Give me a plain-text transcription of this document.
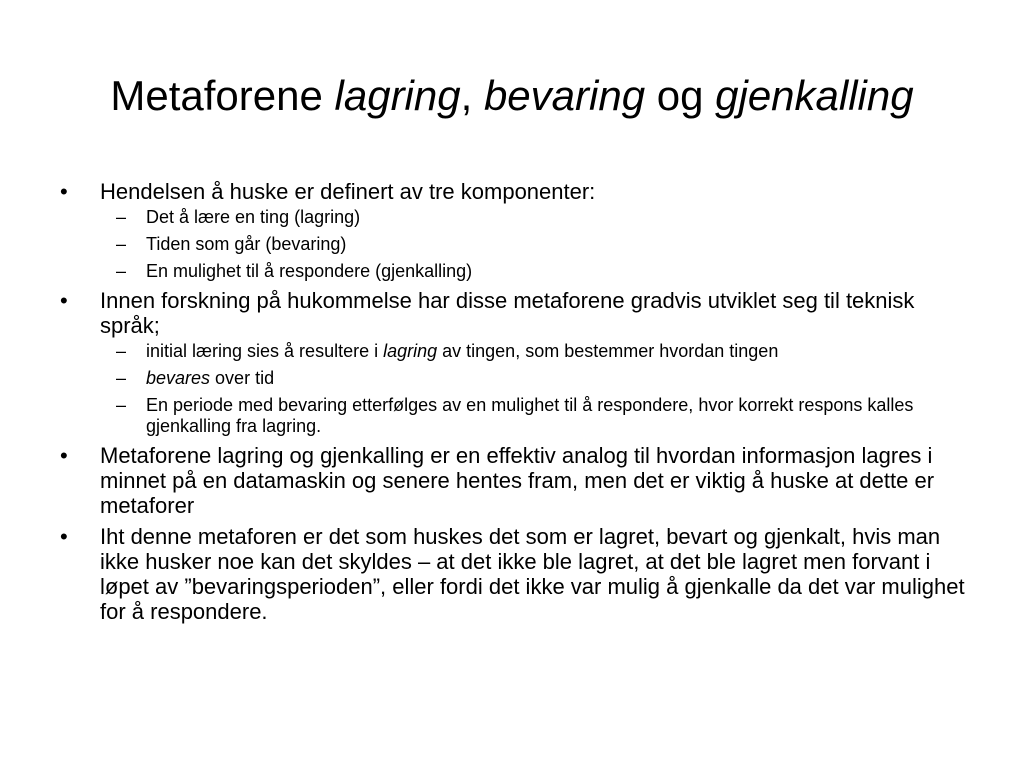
Metaforene lagring, bevaring og gjenkalling
•	Hendelsen å huske er definert av tre komponenter:
–	Det å lære en ting (lagring)
–	Tiden som går (bevaring)
–	En mulighet til å respondere (gjenkalling)
•	Innen forskning på hukommelse har disse metaforene gradvis utviklet seg til teknisk språk;
–	initial læring sies å resultere i lagring av tingen, som bestemmer hvordan tingen
–	bevares over tid
–	En periode med bevaring etterfølges av en mulighet til å respondere, hvor korrekt respons kalles gjenkalling fra lagring.
•	Metaforene lagring og gjenkalling er en effektiv analog til hvordan informasjon lagres i minnet på en datamaskin og senere hentes fram, men det er viktig å huske at dette er metaforer
•	Iht denne metaforen er det som huskes det som er lagret, bevart og gjenkalt, hvis man ikke husker noe kan det skyldes – at det ikke ble lagret, at det ble lagret men forvant i løpet av ”bevaringsperioden”, eller fordi det ikke var mulig å gjenkalle da det var mulighet for å respondere.
